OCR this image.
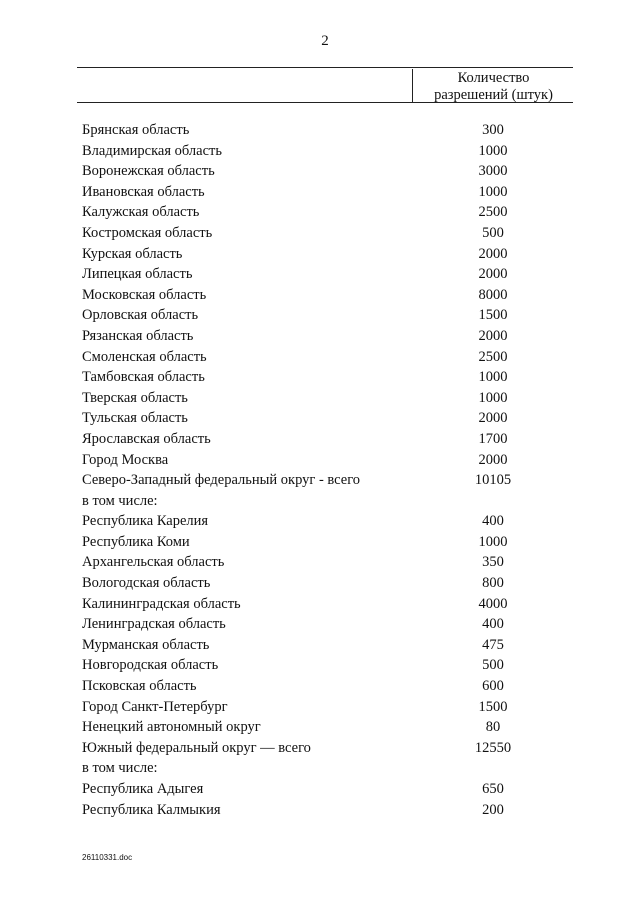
2
Количество
разрешений (штук)
Брянская область	300
Владимирская область	1000
Воронежская область	3000
Ивановская область	1000
Калужская область	2500
Костромская область	500
Курская область	2000
Липецкая область	2000
Московская область	8000
Орловская область	1500
Рязанская область	2000
Смоленская область	2500
Тамбовская область	1000
Тверская область	1000
Тульская область	2000
Ярославская область	1700
Город Москва	2000
Северо-Западный федеральный округ - всего	10105
в том числе:
Республика Карелия	400
Республика Коми	1000
Архангельская область	350
Вологодская область	800
Калининградская область	4000
Ленинградская область	400
Мурманская область	475
Новгородская область	500
Псковская область	600
Город Санкт-Петербург	1500
Ненецкий автономный округ	80
Южный федеральный округ — всего	12550
в том числе:
Республика Адыгея	650
Республика Калмыкия	200
26110331.doc
